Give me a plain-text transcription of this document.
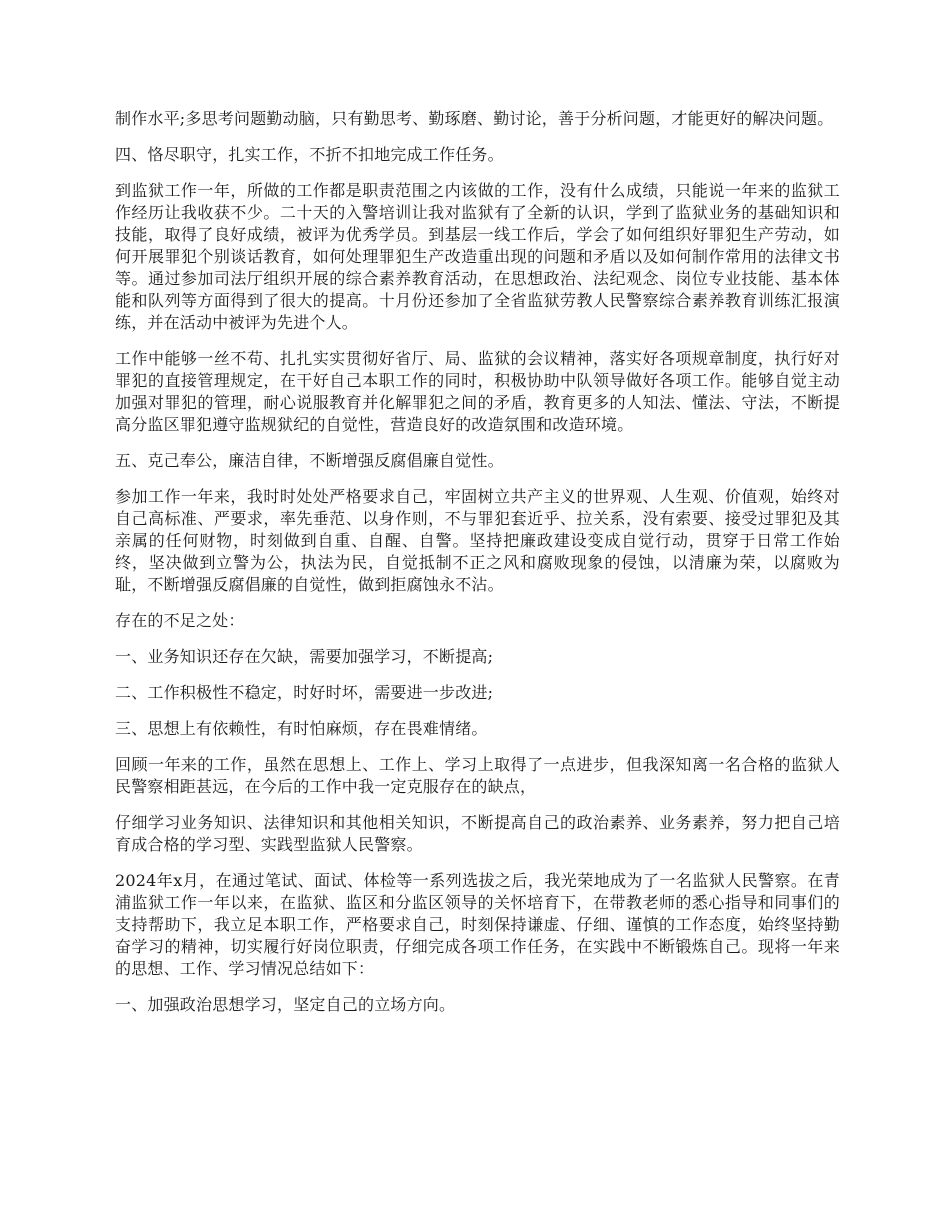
制作水平;多思考问题勤动脑，只有勤思考、勤琢磨、勤讨论，善于分析问题，才能更好的解决问题。

四、恪尽职守，扎实工作，不折不扣地完成工作任务。

到监狱工作一年，所做的工作都是职责范围之内该做的工作，没有什么成绩，只能说一年来的监狱工作经历让我收获不少。二十天的入警培训让我对监狱有了全新的认识，学到了监狱业务的基础知识和技能，取得了良好成绩，被评为优秀学员。到基层一线工作后，学会了如何组织好罪犯生产劳动，如何开展罪犯个别谈话教育，如何处理罪犯生产改造重出现的问题和矛盾以及如何制作常用的法律文书等。通过参加司法厅组织开展的综合素养教育活动，在思想政治、法纪观念、岗位专业技能、基本体能和队列等方面得到了很大的提高。十月份还参加了全省监狱劳教人民警察综合素养教育训练汇报演练，并在活动中被评为先进个人。

工作中能够一丝不苟、扎扎实实贯彻好省厅、局、监狱的会议精神，落实好各项规章制度，执行好对罪犯的直接管理规定，在干好自己本职工作的同时，积极协助中队领导做好各项工作。能够自觉主动加强对罪犯的管理，耐心说服教育并化解罪犯之间的矛盾，教育更多的人知法、懂法、守法，不断提高分监区罪犯遵守监规狱纪的自觉性，营造良好的改造氛围和改造环境。

五、克己奉公，廉洁自律，不断增强反腐倡廉自觉性。

参加工作一年来，我时时处处严格要求自己，牢固树立共产主义的世界观、人生观、价值观，始终对自己高标准、严要求，率先垂范、以身作则，不与罪犯套近乎、拉关系，没有索要、接受过罪犯及其亲属的任何财物，时刻做到自重、自醒、自警。坚持把廉政建设变成自觉行动，贯穿于日常工作始终，坚决做到立警为公，执法为民，自觉抵制不正之风和腐败现象的侵蚀，以清廉为荣，以腐败为耻，不断增强反腐倡廉的自觉性，做到拒腐蚀永不沾。

存在的不足之处：

一、业务知识还存在欠缺，需要加强学习，不断提高;

二、工作积极性不稳定，时好时坏，需要进一步改进;

三、思想上有依赖性，有时怕麻烦，存在畏难情绪。

回顾一年来的工作，虽然在思想上、工作上、学习上取得了一点进步，但我深知离一名合格的监狱人民警察相距甚远，在今后的工作中我一定克服存在的缺点，

仔细学习业务知识、法律知识和其他相关知识，不断提高自己的政治素养、业务素养，努力把自己培育成合格的学习型、实践型监狱人民警察。

2024年x月，在通过笔试、面试、体检等一系列选拔之后，我光荣地成为了一名监狱人民警察。在青浦监狱工作一年以来，在监狱、监区和分监区领导的关怀培育下，在带教老师的悉心指导和同事们的支持帮助下，我立足本职工作，严格要求自己，时刻保持谦虚、仔细、谨慎的工作态度，始终坚持勤奋学习的精神，切实履行好岗位职责，仔细完成各项工作任务，在实践中不断锻炼自己。现将一年来的思想、工作、学习情况总结如下：

一、加强政治思想学习，坚定自己的立场方向。
